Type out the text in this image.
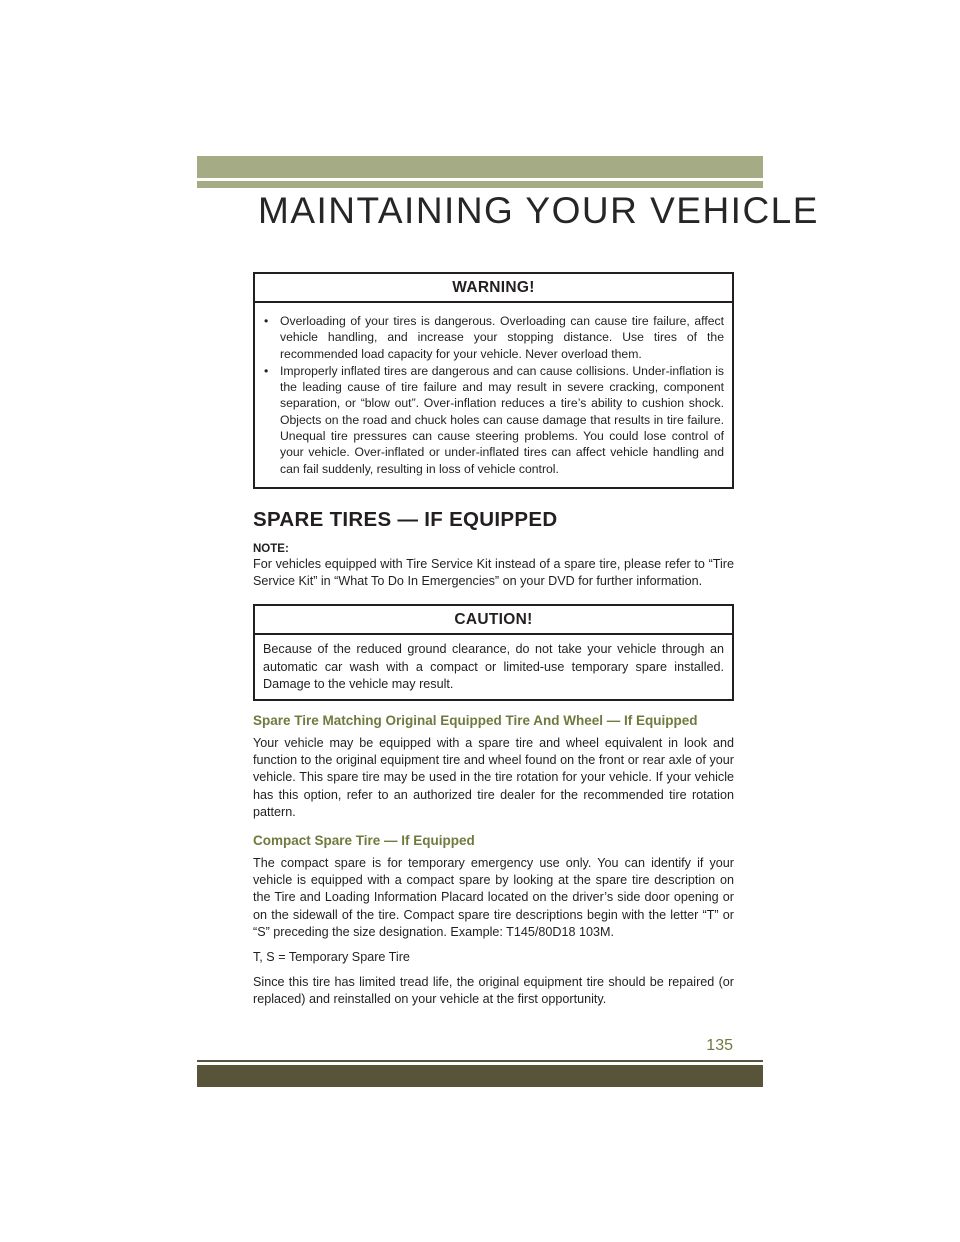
MAINTAINING YOUR VEHICLE
WARNING!
• Overloading of your tires is dangerous. Overloading can cause tire failure, affect vehicle handling, and increase your stopping distance. Use tires of the recommended load capacity for your vehicle. Never overload them.
• Improperly inflated tires are dangerous and can cause collisions. Under-inflation is the leading cause of tire failure and may result in severe cracking, component separation, or “blow out”. Over-inflation reduces a tire’s ability to cushion shock. Objects on the road and chuck holes can cause damage that results in tire failure. Unequal tire pressures can cause steering problems. You could lose control of your vehicle. Over-inflated or under-inflated tires can affect vehicle handling and can fail suddenly, resulting in loss of vehicle control.
SPARE TIRES — IF EQUIPPED
NOTE:

For vehicles equipped with Tire Service Kit instead of a spare tire, please refer to “Tire Service Kit” in “What To Do In Emergencies” on your DVD for further information.

CAUTION!
Because of the reduced ground clearance, do not take your vehicle through an automatic car wash with a compact or limited-use temporary spare installed. Damage to the vehicle may result.
Spare Tire Matching Original Equipped Tire And Wheel — If Equipped

Your vehicle may be equipped with a spare tire and wheel equivalent in look and function to the original equipment tire and wheel found on the front or rear axle of your vehicle. This spare tire may be used in the tire rotation for your vehicle. If your vehicle has this option, refer to an authorized tire dealer for the recommended tire rotation pattern.

Compact Spare Tire — If Equipped

The compact spare is for temporary emergency use only. You can identify if your vehicle is equipped with a compact spare by looking at the spare tire description on the Tire and Loading Information Placard located on the driver’s side door opening or on the sidewall of the tire. Compact spare tire descriptions begin with the letter “T” or “S” preceding the size designation. Example: T145/80D18 103M.

T, S = Temporary Spare Tire

Since this tire has limited tread life, the original equipment tire should be repaired (or replaced) and reinstalled on your vehicle at the first opportunity.

135
